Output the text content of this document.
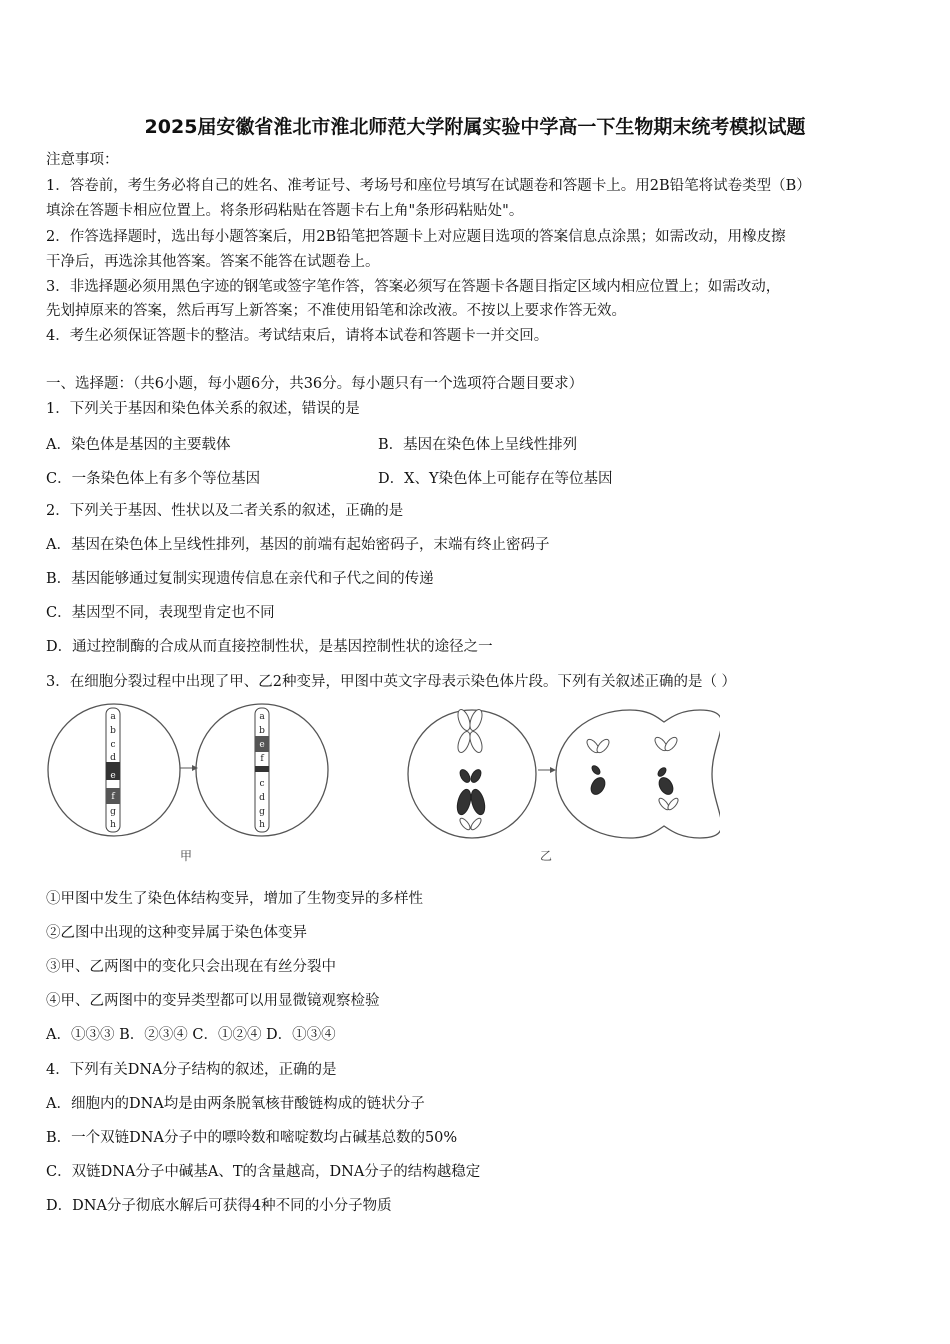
2025届安徽省淮北市淮北师范大学附属实验中学高一下生物期末统考模拟试题
注意事项：
1．答卷前，考生务必将自己的姓名、准考证号、考场号和座位号填写在试题卷和答题卡上。用2B铅笔将试卷类型（B）
填涂在答题卡相应位置上。将条形码粘贴在答题卡右上角"条形码粘贴处"。
2．作答选择题时，选出每小题答案后，用2B铅笔把答题卡上对应题目选项的答案信息点涂黑；如需改动，用橡皮擦
干净后，再选涂其他答案。答案不能答在试题卷上。
3．非选择题必须用黑色字迹的钢笔或签字笔作答，答案必须写在答题卡各题目指定区域内相应位置上；如需改动，
先划掉原来的答案，然后再写上新答案；不准使用铅笔和涂改液。不按以上要求作答无效。
4．考生必须保证答题卡的整洁。考试结束后，请将本试卷和答题卡一并交回。
一、选择题：（共6小题，每小题6分，共36分。每小题只有一个选项符合题目要求）
1．下列关于基因和染色体关系的叙述，错误的是
A．染色体是基因的主要载体	B．基因在染色体上呈线性排列
C．一条染色体上有多个等位基因	D．X、Y染色体上可能存在等位基因
2．下列关于基因、性状以及二者关系的叙述，正确的是
A．基因在染色体上呈线性排列，基因的前端有起始密码子，末端有终止密码子
B．基因能够通过复制实现遗传信息在亲代和子代之间的传递
C．基因型不同，表现型肯定也不同
D．通过控制酶的合成从而直接控制性状，是基因控制性状的途径之一
3．在细胞分裂过程中出现了甲、乙2种变异，甲图中英文字母表示染色体片段。下列有关叙述正确的是（ ）
a
b
c
d
e
f
g
h
a
b
e
f
c
d
g
h
甲	乙
①甲图中发生了染色体结构变异，增加了生物变异的多样性
②乙图中出现的这种变异属于染色体变异
③甲、乙两图中的变化只会出现在有丝分裂中
④甲、乙两图中的变异类型都可以用显微镜观察检验
A．①③③ B．②③④ C．①②④ D．①③④
4．下列有关DNA分子结构的叙述，正确的是
A．细胞内的DNA均是由两条脱氧核苷酸链构成的链状分子
B．一个双链DNA分子中的嘌呤数和嘧啶数均占碱基总数的50%
C．双链DNA分子中碱基A、T的含量越高，DNA分子的结构越稳定
D．DNA分子彻底水解后可获得4种不同的小分子物质
